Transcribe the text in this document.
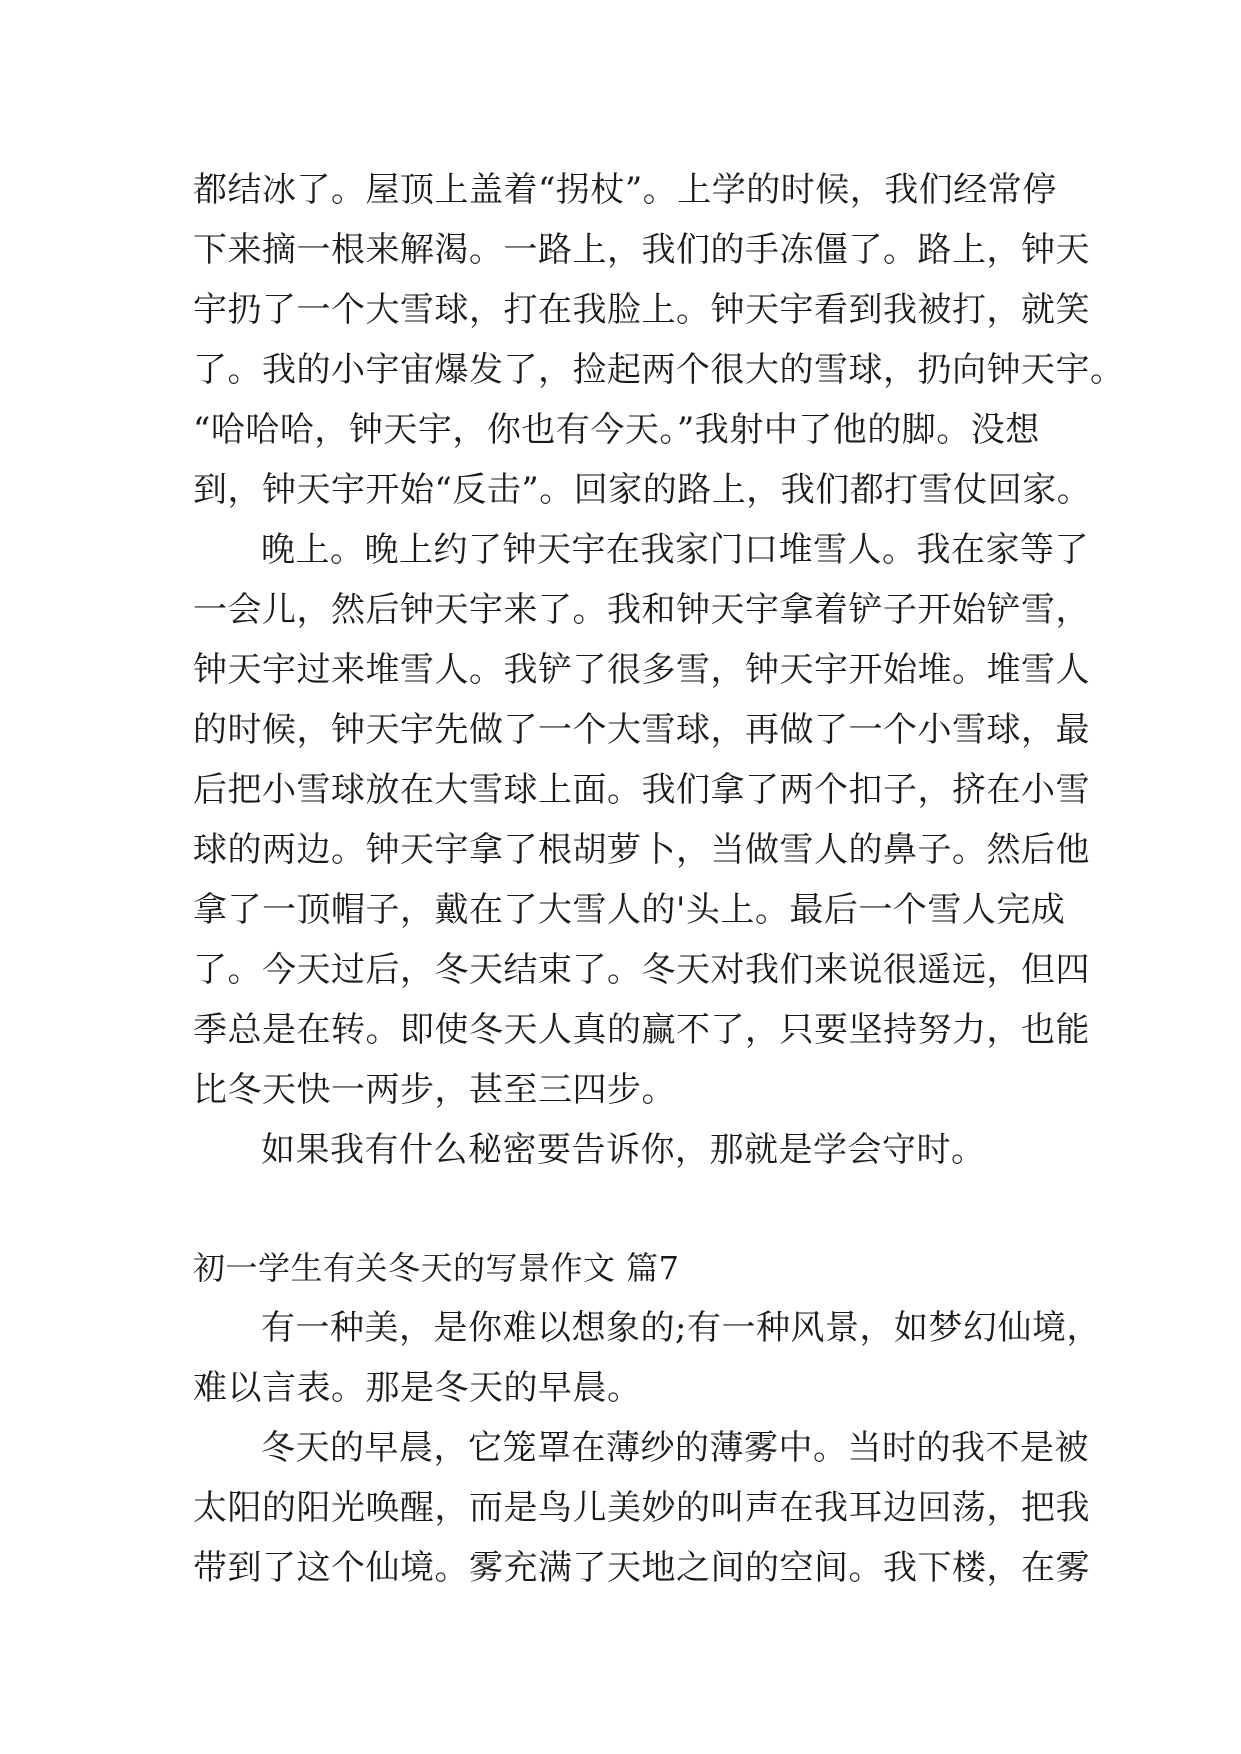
都结冰了。屋顶上盖着“拐杖”。上学的时候，我们经常停
下来摘一根来解渴。一路上，我们的手冻僵了。路上，钟天
宇扔了一个大雪球，打在我脸上。钟天宇看到我被打，就笑
了。我的小宇宙爆发了，捡起两个很大的雪球，扔向钟天宇。
“哈哈哈，钟天宇，你也有今天。”我射中了他的脚。没想
到，钟天宇开始“反击”。回家的路上，我们都打雪仗回家。
晚上。晚上约了钟天宇在我家门口堆雪人。我在家等了
一会儿，然后钟天宇来了。我和钟天宇拿着铲子开始铲雪，
钟天宇过来堆雪人。我铲了很多雪，钟天宇开始堆。堆雪人
的时候，钟天宇先做了一个大雪球，再做了一个小雪球，最
后把小雪球放在大雪球上面。我们拿了两个扣子，挤在小雪
球的两边。钟天宇拿了根胡萝卜，当做雪人的鼻子。然后他
拿了一顶帽子，戴在了大雪人的'头上。最后一个雪人完成
了。今天过后，冬天结束了。冬天对我们来说很遥远，但四
季总是在转。即使冬天人真的赢不了，只要坚持努力，也能
比冬天快一两步，甚至三四步。
如果我有什么秘密要告诉你，那就是学会守时。
初一学生有关冬天的写景作文 篇7
有一种美，是你难以想象的;有一种风景，如梦幻仙境，
难以言表。那是冬天的早晨。
冬天的早晨，它笼罩在薄纱的薄雾中。当时的我不是被
太阳的阳光唤醒，而是鸟儿美妙的叫声在我耳边回荡，把我
带到了这个仙境。雾充满了天地之间的空间。我下楼，在雾
